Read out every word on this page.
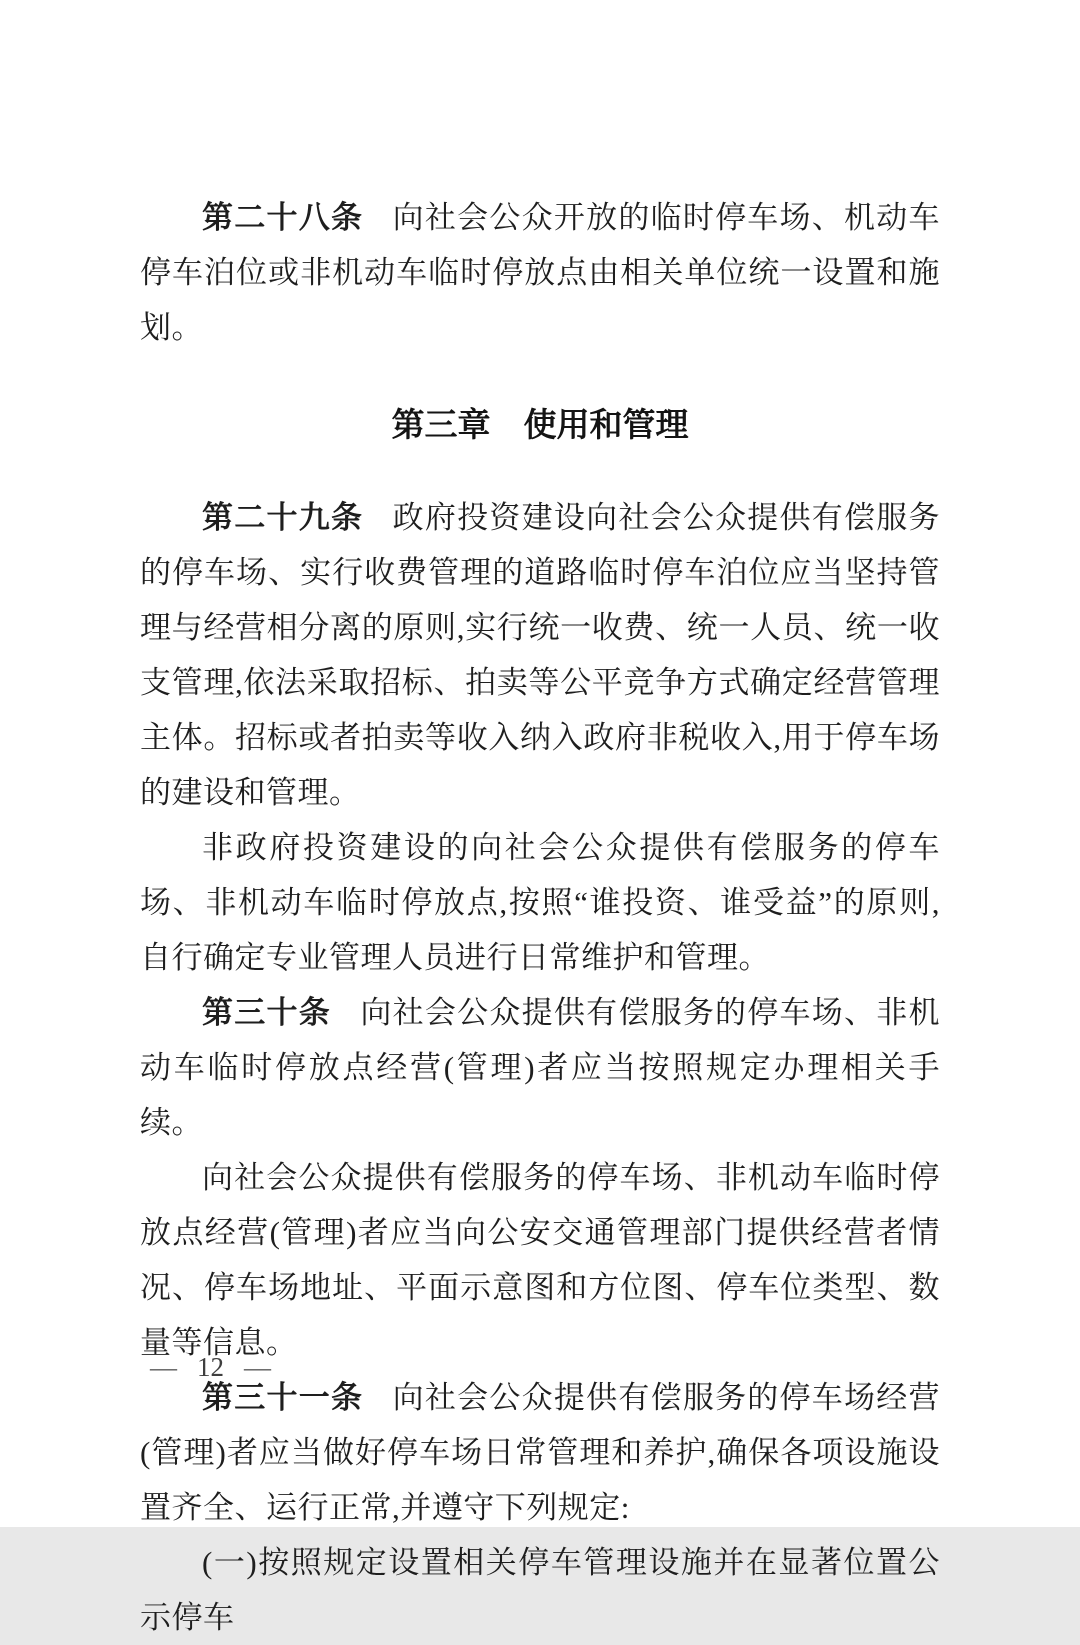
第二十八条 向社会公众开放的临时停车场、机动车停车泊位或非机动车临时停放点由相关单位统一设置和施划。

第三章　使用和管理

第二十九条 政府投资建设向社会公众提供有偿服务的停车场、实行收费管理的道路临时停车泊位应当坚持管理与经营相分离的原则,实行统一收费、统一人员、统一收支管理,依法采取招标、拍卖等公平竞争方式确定经营管理主体。招标或者拍卖等收入纳入政府非税收入,用于停车场的建设和管理。

非政府投资建设的向社会公众提供有偿服务的停车场、非机动车临时停放点,按照“谁投资、谁受益”的原则,自行确定专业管理人员进行日常维护和管理。

第三十条 向社会公众提供有偿服务的停车场、非机动车临时停放点经营(管理)者应当按照规定办理相关手续。

向社会公众提供有偿服务的停车场、非机动车临时停放点经营(管理)者应当向公安交通管理部门提供经营者情况、停车场地址、平面示意图和方位图、停车位类型、数量等信息。

第三十一条 向社会公众提供有偿服务的停车场经营(管理)者应当做好停车场日常管理和养护,确保各项设施设置齐全、运行正常,并遵守下列规定:

(一)按照规定设置相关停车管理设施并在显著位置公示停车

— 12 —
